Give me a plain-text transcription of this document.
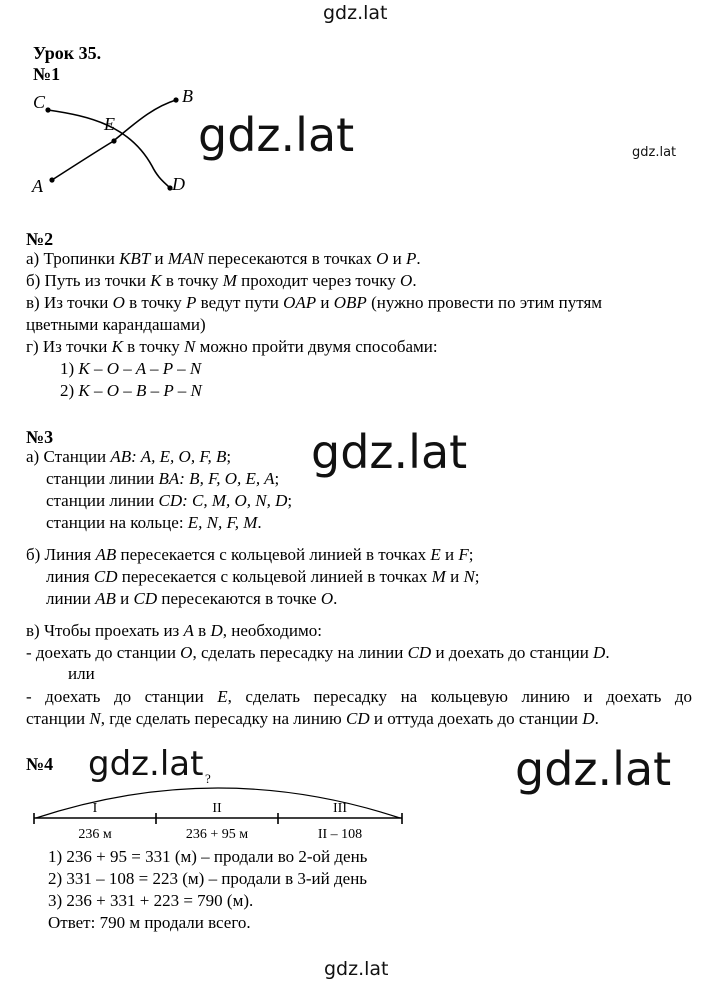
gdz.lat
gdz.lat	gdz.lat
gdz.lat
gdz.lat	gdz.lat
gdz.lat
Урок 35.
№1
C
E
B
A	D
№2
а) Тропинки KBT и MAN пересекаются в точках O и P.
б) Путь из точки K в точку M проходит через точку O.
в) Из точки O в точку P ведут пути OAP и OBP (нужно провести по этим путям
цветными карандашами)
г) Из точки K в точку N можно пройти двумя способами:
1) K – O – A – P – N
2) K – O – B – P – N
№3
а) Станции AB: A, E, O, F, B;
станции линии BA: B, F, O, E, A;
станции линии CD: C, M, O, N, D;
станции на кольце: E, N, F, M.
б) Линия AB пересекается с кольцевой линией в точках E и F;
линия CD пересекается с кольцевой линией в точках M и N;
линии AB и CD пересекаются в точке O.
в) Чтобы проехать из A в D, необходимо:
- доехать до станции O, сделать пересадку на линии CD и доехать до станции D.
или
- доехать до станции E, сделать пересадку на кольцевую линию и доехать до
станции N, где сделать пересадку на линию CD и оттуда доехать до станции D.
№4
?
I	II	III
236 м	236 + 95 м	II – 108
1) 236 + 95 = 331 (м) – продали во 2-ой день
2) 331 – 108 = 223 (м) – продали в 3-ий день
3) 236 + 331 + 223 = 790 (м).
Ответ: 790 м продали всего.
